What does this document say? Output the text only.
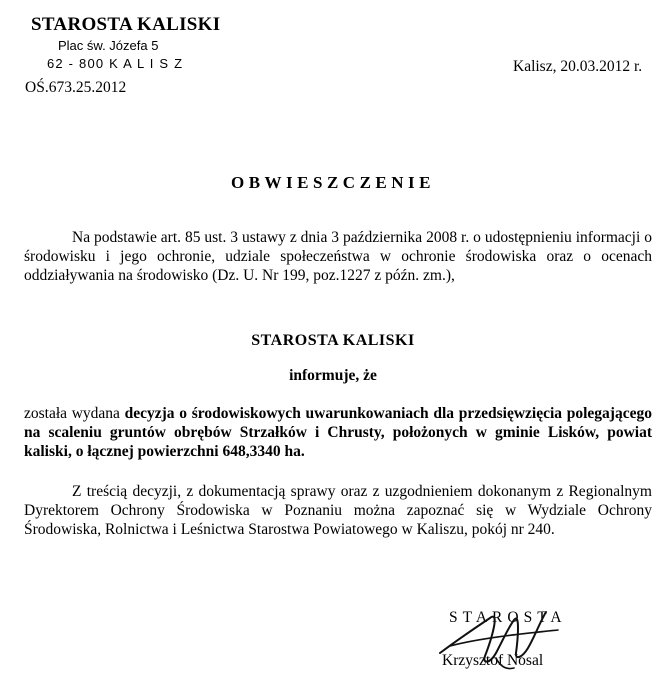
STAROSTA KALISKI
Plac św. Józefa 5
62 - 800 K A L I S Z	Kalisz, 20.03.2012 r.
OŚ.673.25.2012
OBWIESZCZENIE
Na podstawie art. 85 ust. 3 ustawy z dnia 3 października 2008 r. o udostępnieniu informacji o środowisku i jego ochronie, udziale społeczeństwa w ochronie środowiska oraz o ocenach oddziaływania na środowisko (Dz. U. Nr 199, poz.1227 z późn. zm.),
STAROSTA KALISKI
informuje, że
została wydana decyzja o środowiskowych uwarunkowaniach dla przedsięwzięcia polegającego na scaleniu gruntów obrębów Strzałków i Chrusty, położonych w gminie Lisków, powiat kaliski, o łącznej powierzchni 648,3340 ha.
Z treścią decyzji, z dokumentacją sprawy oraz z uzgodnieniem dokonanym z Regionalnym Dyrektorem Ochrony Środowiska w Poznaniu można zapoznać się w Wydziale Ochrony Środowiska, Rolnictwa i Leśnictwa Starostwa Powiatowego w Kaliszu, pokój nr 240.
STAROSTA
Krzysztof Nosal
